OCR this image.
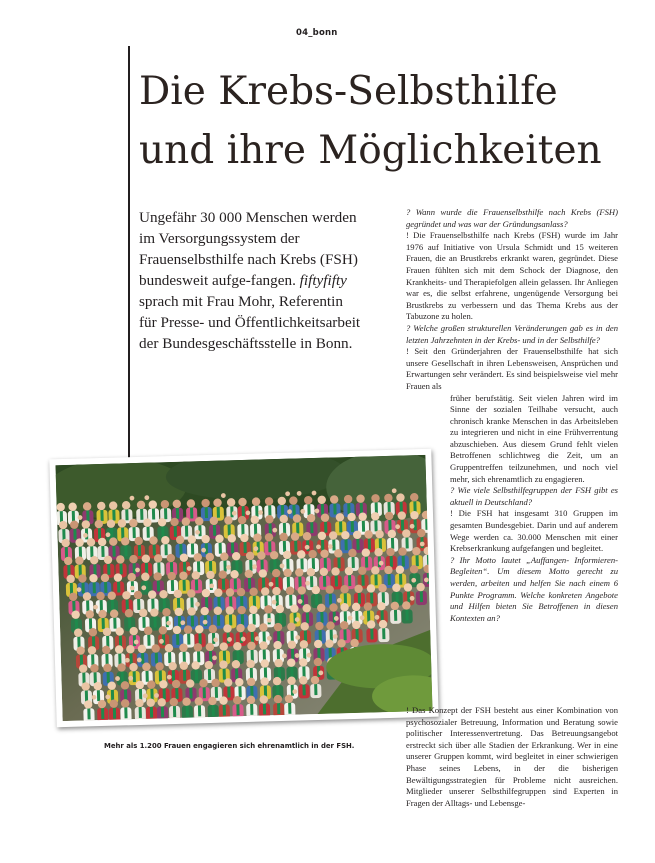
04_bonn
Die Krebs-Selbsthilfe
und ihre Möglichkeiten
Ungefähr 30 000 Menschen werden im Versorgungssystem der Frauenselbsthilfe nach Krebs (FSH) bundesweit aufge-fangen. fiftyfifty sprach mit Frau Mohr, Referentin für Presse- und Öffentlichkeitsarbeit der Bundesgeschäftsstelle in Bonn.

? Wann wurde die Frauenselbsthilfe nach Krebs (FSH) gegründet und was war der Gründungsanlass?

! Die Frauenselbsthilfe nach Krebs (FSH) wurde im Jahr 1976 auf Initiative von Ursula Schmidt und 15 weiteren Frauen, die an Brustkrebs erkrankt waren, gegründet. Diese Frauen fühlten sich mit dem Schock der Diagnose, den Krankheits- und Therapiefolgen allein gelassen. Ihr Anliegen war es, die selbst erfahrene, ungenügende Versorgung bei Brustkrebs zu verbessern und das Thema Krebs aus der Tabuzone zu holen.

? Welche großen strukturellen Veränderungen gab es in den letzten Jahrzehnten in der Krebs- und in der Selbsthilfe?

! Seit den Gründerjahren der Frauenselbsthilfe hat sich unsere Gesellschaft in ihren Lebensweisen, Ansprüchen und Erwartungen sehr verändert. Es sind beispielsweise viel mehr Frauen als

früher berufstätig. Seit vielen Jahren wird im Sinne der sozialen Teilhabe versucht, auch chronisch kranke Menschen in das Arbeitsleben zu integrieren und nicht in eine Frühverrentung abzuschieben. Aus diesem Grund fehlt vielen Betroffenen schlichtweg die Zeit, um an Gruppentreffen teilzunehmen, und noch viel mehr, sich ehrenamtlich zu engagieren.

? Wie viele Selbsthilfegruppen der FSH gibt es aktuell in Deutschland?

! Die FSH hat insgesamt 310 Gruppen im gesamten Bundesgebiet. Darin und auf anderem Wege werden ca. 30.000 Menschen mit einer Krebserkrankung aufgefangen und begleitet.

? Ihr Motto lautet „Auffangen- Informieren- Begleiten“. Um diesem Motto gerecht zu werden, arbeiten und helfen Sie nach einem 6 Punkte Programm. Welche konkreten Angebote und Hilfen bieten Sie Betroffenen in diesen Kontexten an?

Mehr als 1.200 Frauen engagieren sich ehrenamtlich in der FSH.
! Das Konzept der FSH besteht aus einer Kombination von psychosozialer Betreuung, Information und Beratung sowie politischer Interessenvertretung. Das Betreuungsangebot erstreckt sich über alle Stadien der Erkrankung. Wer in eine unserer Gruppen kommt, wird begleitet in einer schwierigen Phase seines Lebens, in der die bisherigen Bewältigungsstrategien für Probleme nicht ausreichen. Mitglieder unserer Selbsthilfegruppen sind Experten in Fragen der Alltags- und Lebensge-
